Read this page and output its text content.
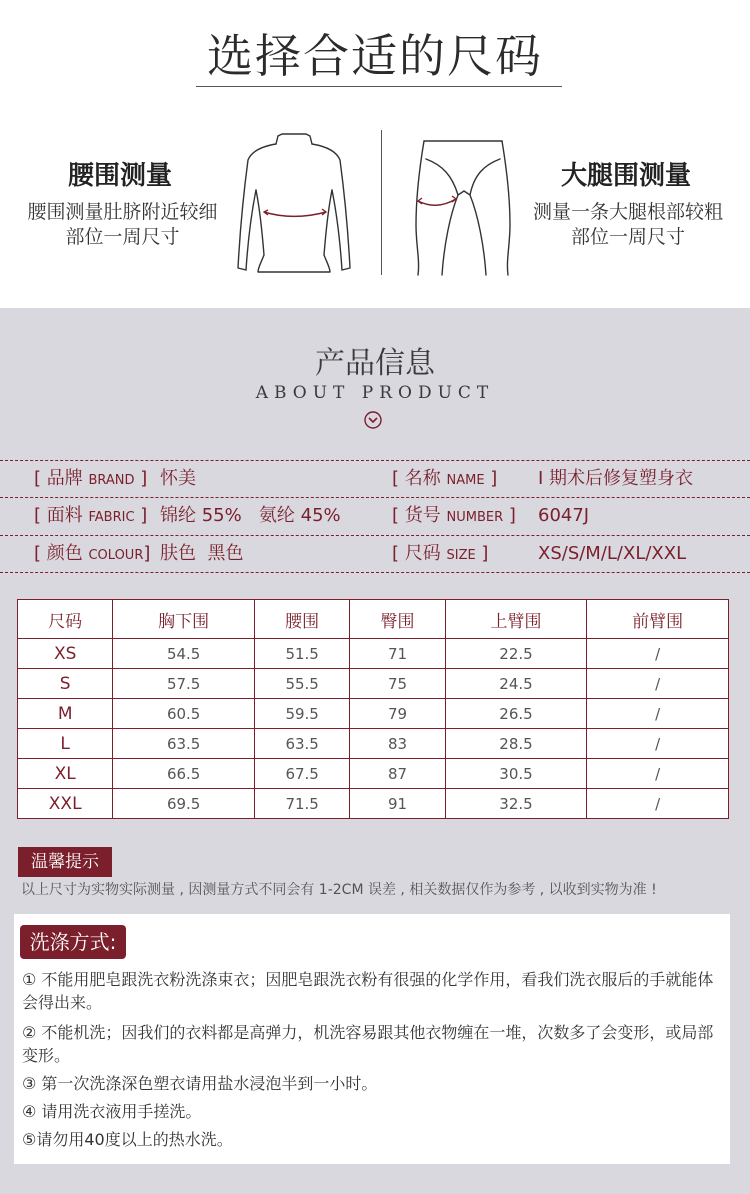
选择合适的尺码
腰围测量
腰围测量肚脐附近较细部位一周尺寸
大腿围测量
测量一条大腿根部较粗部位一周尺寸
产品信息
ABOUT PRODUCT
[ 品牌 BRAND ] 怀美	[ 名称 NAME ] I 期术后修复塑身衣
[ 面料 FABRIC ] 锦纶 55%   氨纶 45%	[ 货号 NUMBER ] 6047J
[ 颜色 COLOUR] 肤色  黑色	[ 尺码 SIZE ]	XS/S/M/L/XL/XXL
尺码	胸下围	腰围	臀围	上臂围	前臂围
XS	54.5	51.5	71	22.5	/
S	57.5	55.5	75	24.5	/
M	60.5	59.5	79	26.5	/
L	63.5	63.5	83	28.5	/
XL	66.5	67.5	87	30.5	/
XXL	69.5	71.5	91	32.5	/
温馨提示
以上尺寸为实物实际测量 , 因测量方式不同会有 1-2CM 误差 , 相关数据仅作为参考 , 以收到实物为准 !
洗涤方式:
① 不能用肥皂跟洗衣粉洗涤束衣；因肥皂跟洗衣粉有很强的化学作用，看我们洗衣服后的手就能体会得出来。
② 不能机洗；因我们的衣料都是高弹力，机洗容易跟其他衣物缠在一堆，次数多了会变形，或局部变形。
③ 第一次洗涤深色塑衣请用盐水浸泡半到一小时。
④ 请用洗衣液用手搓洗。
⑤请勿用40度以上的热水洗。
